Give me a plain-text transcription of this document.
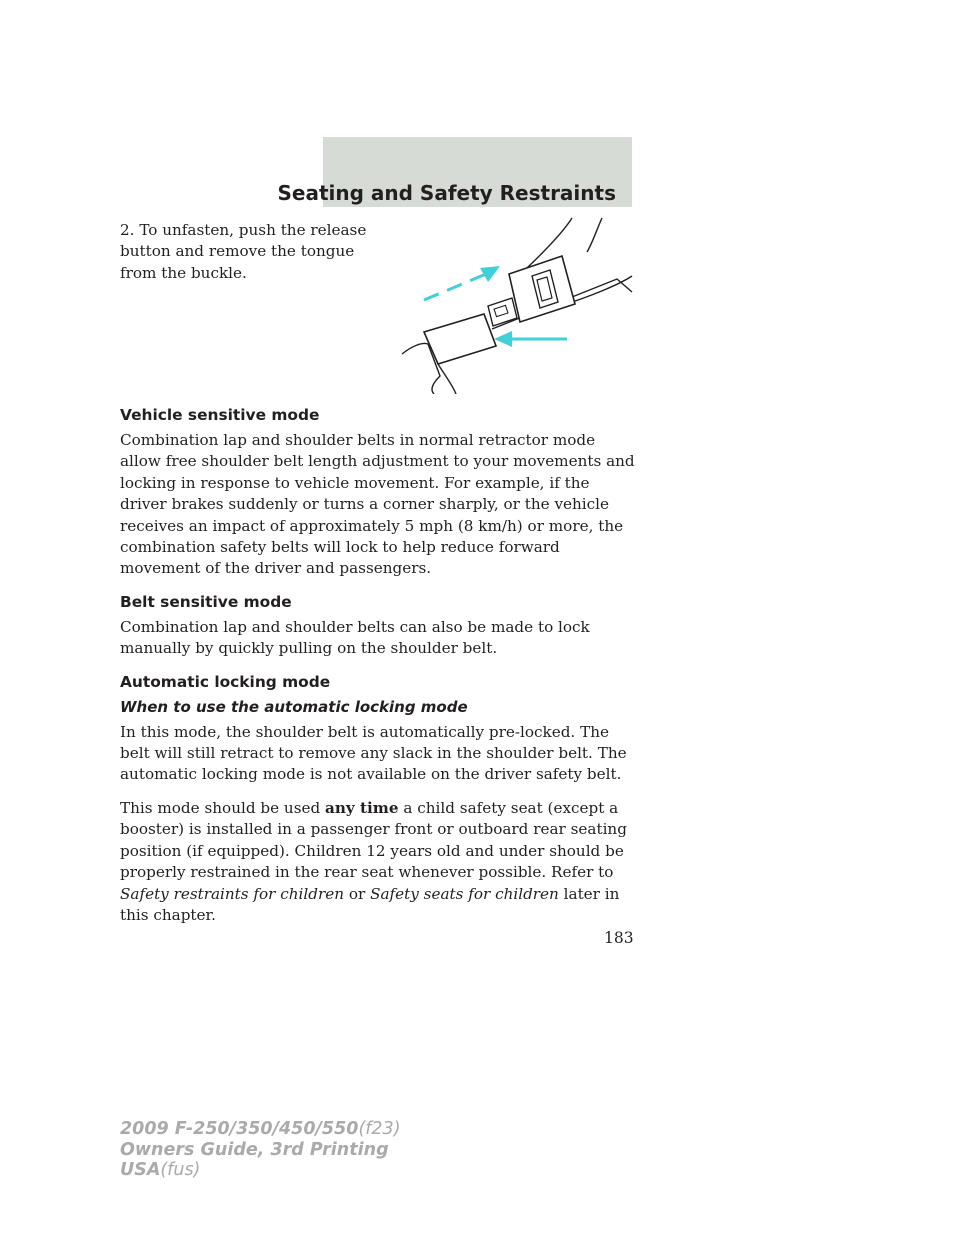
Seating and Safety Restraints

2. To unfasten, push the release button and remove the tongue from the buckle.

Vehicle sensitive mode

Combination lap and shoulder belts in normal retractor mode allow free shoulder belt length adjustment to your movements and locking in response to vehicle movement. For example, if the driver brakes suddenly or turns a corner sharply, or the vehicle receives an impact of approximately 5 mph (8 km/h) or more, the combination safety belts will lock to help reduce forward movement of the driver and passengers.

Belt sensitive mode

Combination lap and shoulder belts can also be made to lock manually by quickly pulling on the shoulder belt.

Automatic locking mode

When to use the automatic locking mode

In this mode, the shoulder belt is automatically pre-locked. The belt will still retract to remove any slack in the shoulder belt. The automatic locking mode is not available on the driver safety belt.

This mode should be used any time a child safety seat (except a booster) is installed in a passenger front or outboard rear seating position (if equipped). Children 12 years old and under should be properly restrained in the rear seat whenever possible. Refer to Safety restraints for children or Safety seats for children later in this chapter.

183
2009 F-250/350/450/550(f23)
Owners Guide, 3rd Printing
USA(fus)
